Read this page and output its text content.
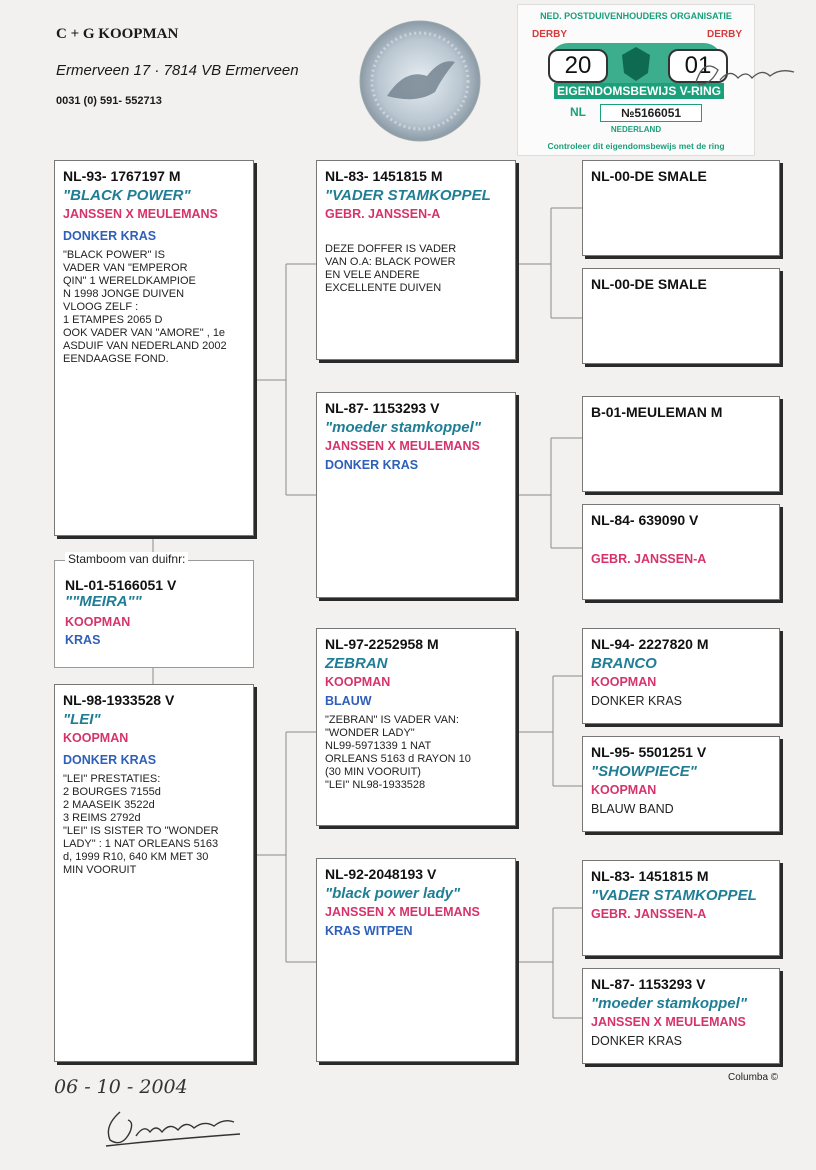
C + G KOOPMAN
Ermerveen 17 · 7814 VB Ermerveen
0031 (0) 591- 552713
NED. POSTDUIVENHOUDERS ORGANISATIE
DERBY	DERBY
20	01
EIGENDOMSBEWIJS V-RING
NL	№5166051
NEDERLAND
Controleer dit eigendomsbewijs met de ring
NL-93- 1767197 M
"BLACK POWER"
JANSSEN X MEULEMANS
DONKER KRAS
"BLACK POWER" IS
VADER VAN "EMPEROR
QIN" 1 WERELDKAMPIOE
N 1998 JONGE DUIVEN
VLOOG ZELF :
1 ETAMPES 2065 D
OOK VADER VAN "AMORE" , 1e
ASDUIF VAN NEDERLAND 2002
EENDAAGSE FOND.
Stamboom van duifnr:
NL-01-5166051 V
""MEIRA""
KOOPMAN
KRAS
NL-98-1933528 V
"LEI"
KOOPMAN
DONKER KRAS
"LEI" PRESTATIES:
2 BOURGES 7155d
2 MAASEIK 3522d
3 REIMS 2792d
"LEI" IS SISTER TO "WONDER
LADY" : 1 NAT ORLEANS 5163
d, 1999 R10, 640 KM MET 30
MIN VOORUIT
NL-83- 1451815 M
"VADER STAMKOPPEL
GEBR. JANSSEN-A
DEZE DOFFER IS VADER
VAN O.A: BLACK POWER
EN VELE ANDERE
EXCELLENTE DUIVEN
NL-87- 1153293 V
"moeder stamkoppel"
JANSSEN X MEULEMANS
DONKER KRAS
NL-97-2252958 M
ZEBRAN
KOOPMAN
BLAUW
"ZEBRAN" IS VADER VAN:
"WONDER LADY"
NL99-5971339 1 NAT
ORLEANS 5163 d RAYON 10
(30 MIN VOORUIT)
"LEI" NL98-1933528
NL-92-2048193 V
"black power lady"
JANSSEN X MEULEMANS
KRAS WITPEN
NL-00-DE SMALE
NL-00-DE SMALE
B-01-MEULEMAN M
NL-84- 639090 V
GEBR. JANSSEN-A
NL-94- 2227820 M
BRANCO
KOOPMAN
DONKER KRAS
NL-95- 5501251 V
"SHOWPIECE"
KOOPMAN
BLAUW BAND
NL-83- 1451815 M
"VADER STAMKOPPEL
GEBR. JANSSEN-A
NL-87- 1153293 V
"moeder stamkoppel"
JANSSEN X MEULEMANS
DONKER KRAS
Columba ©
06 - 10 - 2004
